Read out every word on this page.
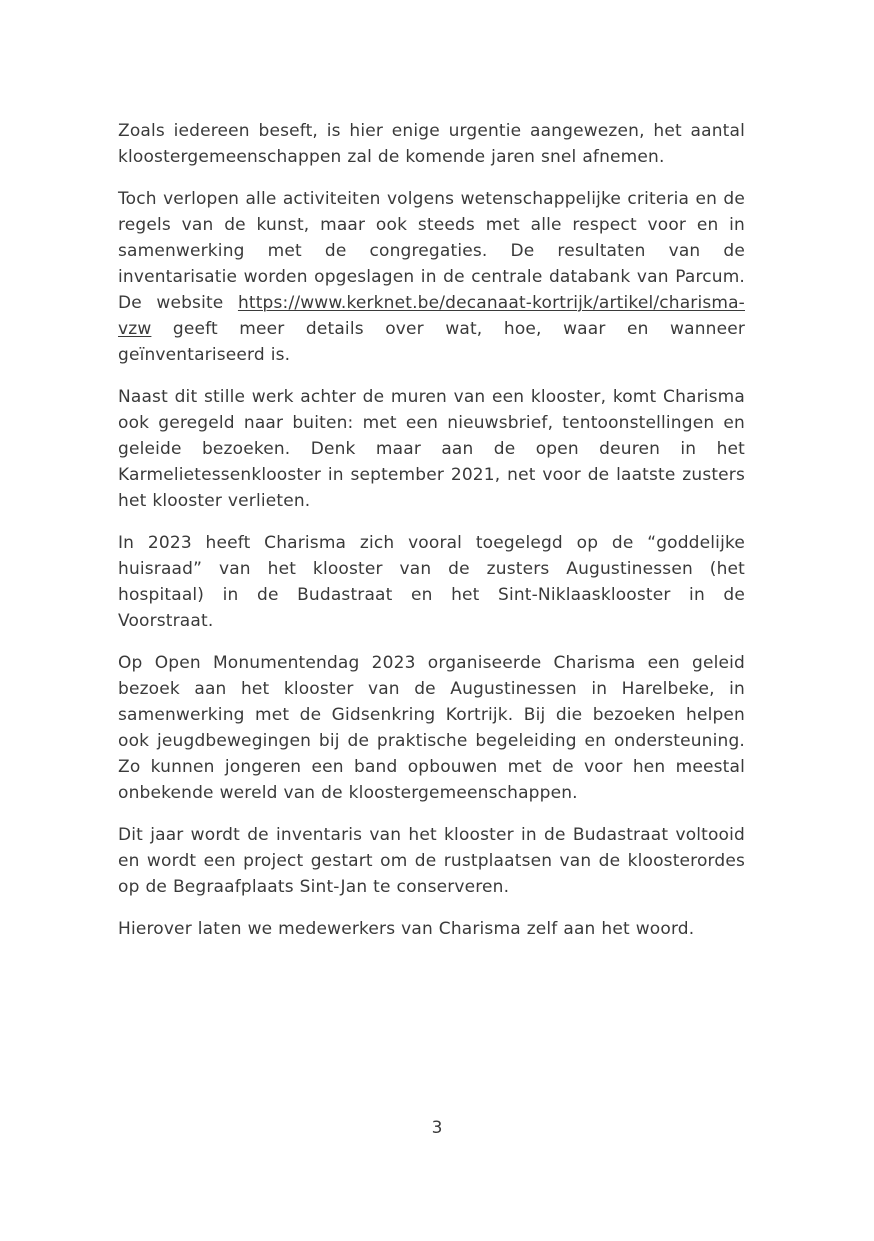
Zoals iedereen beseft, is hier enige urgentie aangewezen, het aantal kloostergemeenschappen zal de komende jaren snel afnemen.

Toch verlopen alle activiteiten volgens wetenschappelijke criteria en de regels van de kunst, maar ook steeds met alle respect voor en in samenwerking met de congregaties. De resultaten van de inventarisatie worden opgeslagen in de centrale databank van Parcum. De website https://www.kerknet.be/decanaat-kortrijk/artikel/charisma-vzw geeft meer details over wat, hoe, waar en wanneer geïnventariseerd is.

Naast dit stille werk achter de muren van een klooster, komt Charisma ook geregeld naar buiten: met een nieuwsbrief, tentoonstellingen en geleide bezoeken. Denk maar aan de open deuren in het Karmelietessenklooster in september 2021, net voor de laatste zusters het klooster verlieten.

In 2023 heeft Charisma zich vooral toegelegd op de “goddelijke huisraad” van het klooster van de zusters Augustinessen (het hospitaal) in de Budastraat en het Sint-Niklaasklooster in de Voorstraat.

Op Open Monumentendag 2023 organiseerde Charisma een geleid bezoek aan het klooster van de Augustinessen in Harelbeke, in samenwerking met de Gidsenkring Kortrijk. Bij die bezoeken helpen ook jeugdbewegingen bij de praktische begeleiding en ondersteuning. Zo kunnen jongeren een band opbouwen met de voor hen meestal onbekende wereld van de kloostergemeenschappen.

Dit jaar wordt de inventaris van het klooster in de Budastraat voltooid en wordt een project gestart om de rustplaatsen van de kloosterordes op de Begraafplaats Sint-Jan te conserveren.

Hierover laten we medewerkers van Charisma zelf aan het woord.

3
